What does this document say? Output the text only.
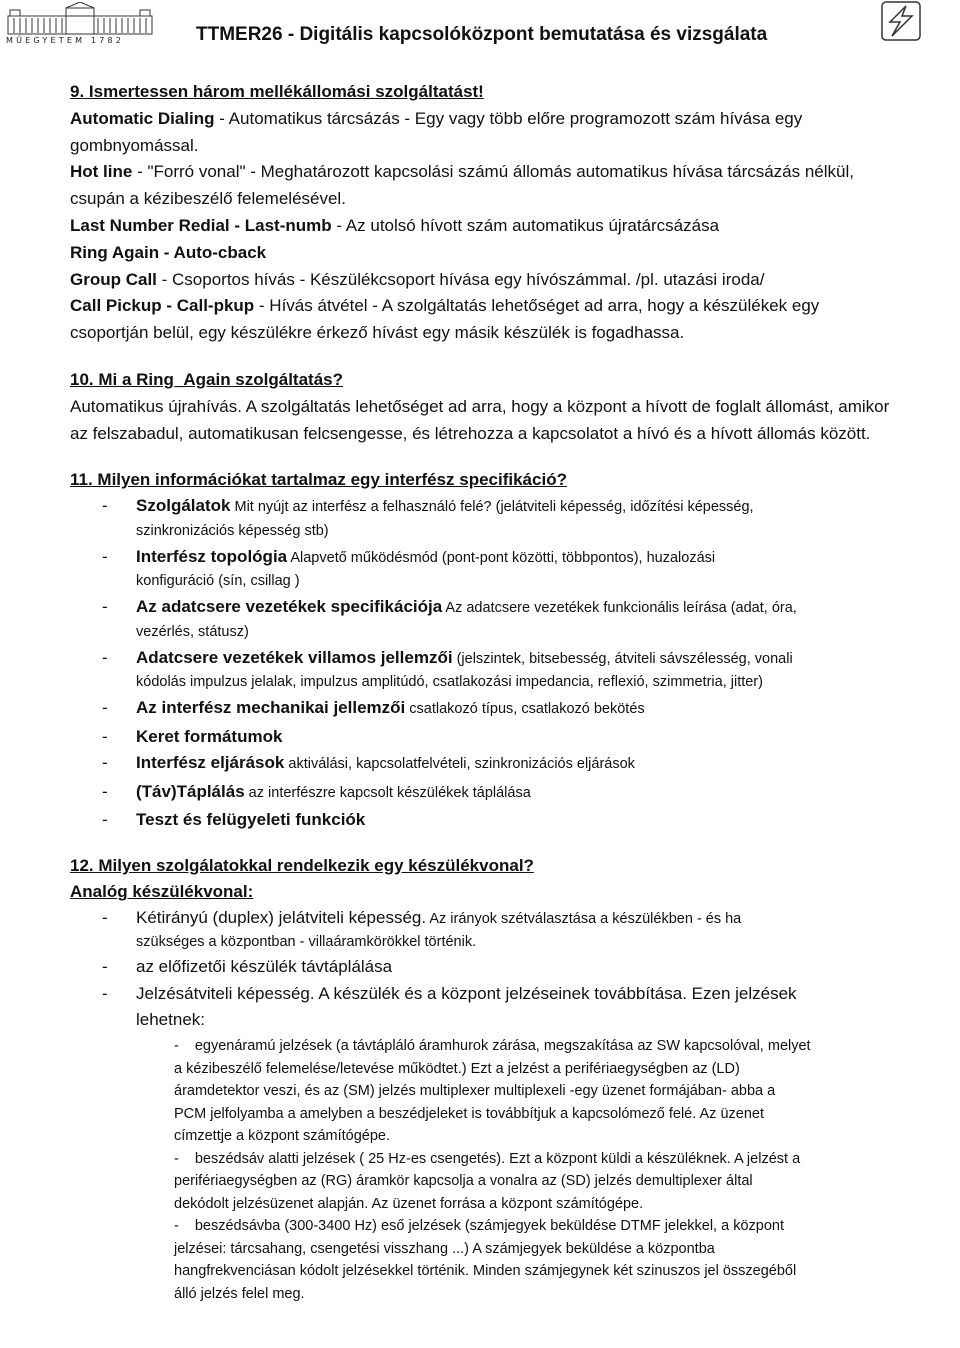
MŰEGYETEM 1782	TTMER26 - Digitális kapcsolóközpont bemutatása és vizsgálata

9. Ismertessen három mellékállomási szolgáltatást!

Automatic Dialing - Automatikus tárcsázás - Egy vagy több előre programozott szám hívása egy gombnyomással.

Hot line - "Forró vonal" - Meghatározott kapcsolási számú állomás automatikus hívása tárcsázás nélkül, csupán a kézibeszélő felemelésével.

Last Number Redial - Last-numb - Az utolsó hívott szám automatikus újratárcsázása

Ring Again - Auto-cback

Group Call - Csoportos hívás - Készülékcsoport hívása egy hívószámmal. /pl. utazási iroda/

Call Pickup - Call-pkup - Hívás átvétel - A szolgáltatás lehetőséget ad arra, hogy a készülékek egy csoportján belül, egy készülékre érkező hívást egy másik készülék is fogadhassa.

10. Mi a Ring_Again szolgáltatás?

Automatikus újrahívás. A szolgáltatás lehetőséget ad arra, hogy a központ a hívott de foglalt állomást, amikor az felszabadul, automatikusan felcsengesse, és létrehozza a kapcsolatot a hívó és a hívott állomás között.

11. Milyen információkat tartalmaz egy interfész specifikáció?

- Szolgálatok Mit nyújt az interfész a felhasználó felé? (jelátviteli képesség, időzítési képesség,
szinkronizációs képesség stb)
- Interfész topológia Alapvető működésmód (pont-pont közötti, többpontos), huzalozási
konfiguráció (sín, csillag )
- Az adatcsere vezetékek specifikációja Az adatcsere vezetékek funkcionális leírása (adat, óra,
vezérlés, státusz)
- Adatcsere vezetékek villamos jellemzői (jelszintek, bitsebesség, átviteli sávszélesség, vonali
kódolás impulzus jelalak, impulzus amplitúdó, csatlakozási impedancia, reflexió, szimmetria, jitter)
- Az interfész mechanikai jellemzői csatlakozó típus, csatlakozó bekötés
- Keret formátumok
- Interfész eljárások aktiválási, kapcsolatfelvételi, szinkronizációs eljárások
- (Táv)Táplálás az interfészre kapcsolt készülékek táplálása
- Teszt és felügyeleti funkciók

12. Milyen szolgálatokkal rendelkezik egy készülékvonal?

Analóg készülékvonal:

- Kétirányú (duplex) jelátviteli képesség. Az irányok szétválasztása a készülékben - és ha
szükséges a központban - villaáramkörökkel történik.
- az előfizetői készülék távtáplálása
- Jelzésátviteli képesség. A készülék és a központ jelzéseinek továbbítása. Ezen jelzések
lehetnek:
- egyenáramú jelzések (a távtápláló áramhurok zárása, megszakítása az SW kapcsolóval, melyet
a kézibeszélő felemelése/letevése működtet.) Ezt a jelzést a perifériaegységben az (LD)
áramdetektor veszi, és az (SM) jelzés multiplexer multiplexeli -egy üzenet formájában- abba a
PCM jelfolyamba a amelyben a beszédjeleket is továbbítjuk a kapcsolómező felé. Az üzenet
címzettje a központ számítógépe.
- beszédsáv alatti jelzések ( 25 Hz-es csengetés). Ezt a központ küldi a készüléknek. A jelzést a
perifériaegységben az (RG) áramkör kapcsolja a vonalra az (SD) jelzés demultiplexer által
dekódolt jelzésüzenet alapján. Az üzenet forrása a központ számítógépe.
- beszédsávba (300-3400 Hz) eső jelzések (számjegyek beküldése DTMF jelekkel, a központ
jelzései: tárcsahang, csengetési visszhang ...) A számjegyek beküldése a központba
hangfrekvenciásan kódolt jelzésekkel történik. Minden számjegynek két szinuszos jel összegéből
álló jelzés felel meg.
